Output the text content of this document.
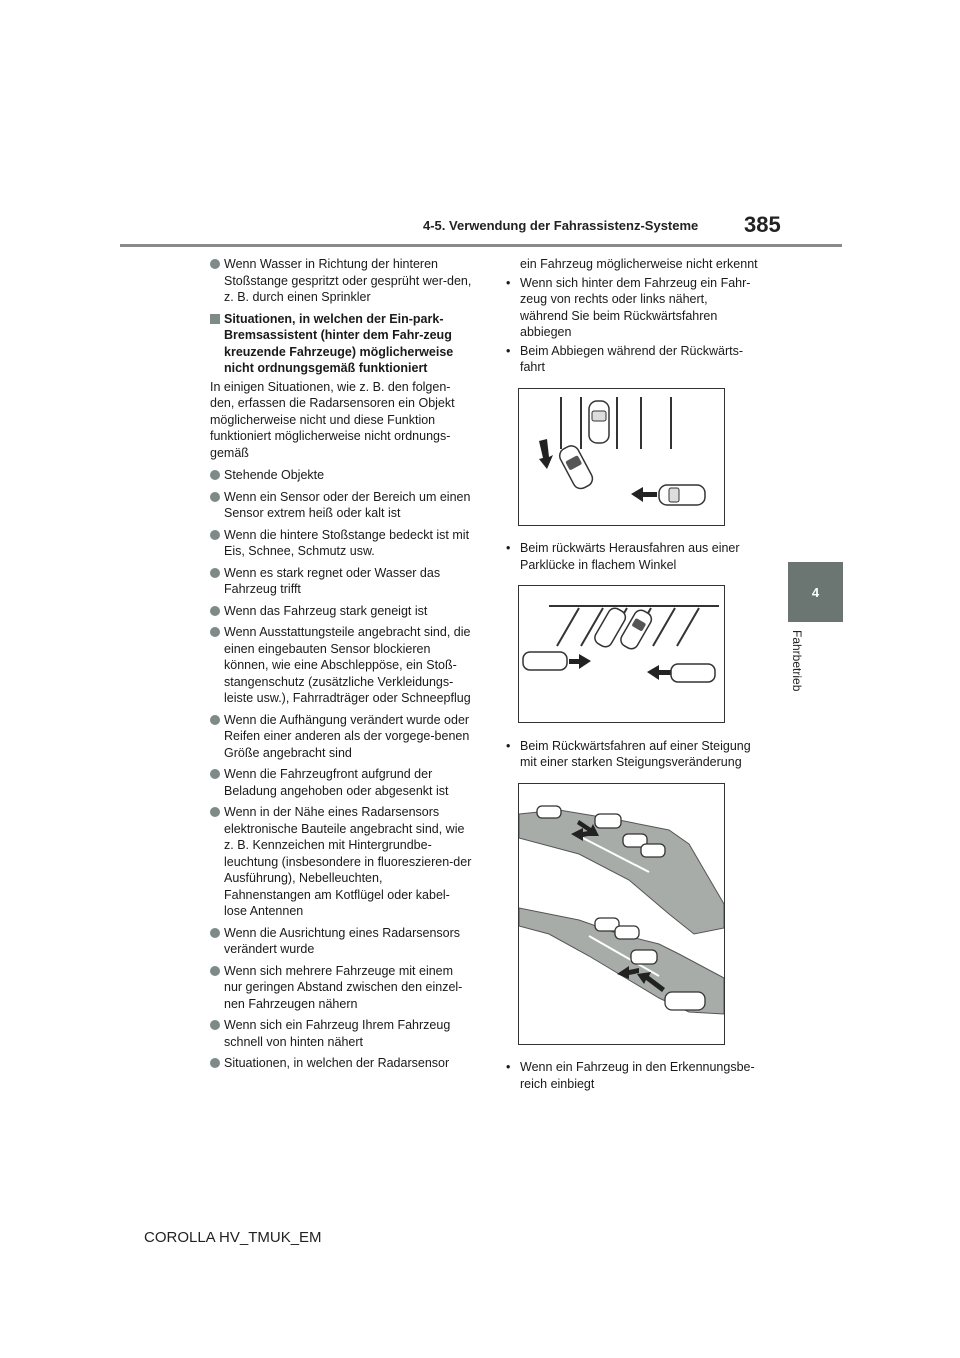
4-5. Verwendung der Fahrassistenz-Systeme 385
4
Fahrbetrieb
Wenn Wasser in Richtung der hinteren Stoßstange gespritzt oder gesprüht wer-den, z. B. durch einen Sprinkler
Situationen, in welchen der Ein-park-Bremsassistent (hinter dem Fahr-zeug kreuzende Fahrzeuge) möglicherweise nicht ordnungsgemäß funktioniert
In einigen Situationen, wie z. B. den folgen-den, erfassen die Radarsensoren ein Objekt möglicherweise nicht und diese Funktion funktioniert möglicherweise nicht ordnungs-gemäß
Stehende Objekte
Wenn ein Sensor oder der Bereich um einen Sensor extrem heiß oder kalt ist
Wenn die hintere Stoßstange bedeckt ist mit Eis, Schnee, Schmutz usw.
Wenn es stark regnet oder Wasser das Fahrzeug trifft
Wenn das Fahrzeug stark geneigt ist
Wenn Ausstattungsteile angebracht sind, die einen eingebauten Sensor blockieren können, wie eine Abschleppöse, ein Stoß-stangenschutz (zusätzliche Verkleidungs-leiste usw.), Fahrradträger oder Schneepflug
Wenn die Aufhängung verändert wurde oder Reifen einer anderen als der vorgege-benen Größe angebracht sind
Wenn die Fahrzeugfront aufgrund der Beladung angehoben oder abgesenkt ist
Wenn in der Nähe eines Radarsensors elektronische Bauteile angebracht sind, wie z. B. Kennzeichen mit Hintergrundbe-leuchtung (insbesondere in fluoreszieren-der Ausführung), Nebelleuchten, Fahnenstangen am Kotflügel oder kabel-lose Antennen
Wenn die Ausrichtung eines Radarsensors verändert wurde
Wenn sich mehrere Fahrzeuge mit einem nur geringen Abstand zwischen den einzel-nen Fahrzeugen nähern
Wenn sich ein Fahrzeug Ihrem Fahrzeug schnell von hinten nähert
Situationen, in welchen der Radarsensor
ein Fahrzeug möglicherweise nicht erkennt
• Wenn sich hinter dem Fahrzeug ein Fahr-zeug von rechts oder links nähert, während Sie beim Rückwärtsfahren abbiegen
• Beim Abbiegen während der Rückwärts-fahrt
• Beim rückwärts Herausfahren aus einer Parklücke in flachem Winkel
• Beim Rückwärtsfahren auf einer Steigung mit einer starken Steigungsveränderung
• Wenn ein Fahrzeug in den Erkennungsbe-reich einbiegt
COROLLA HV_TMUK_EM
